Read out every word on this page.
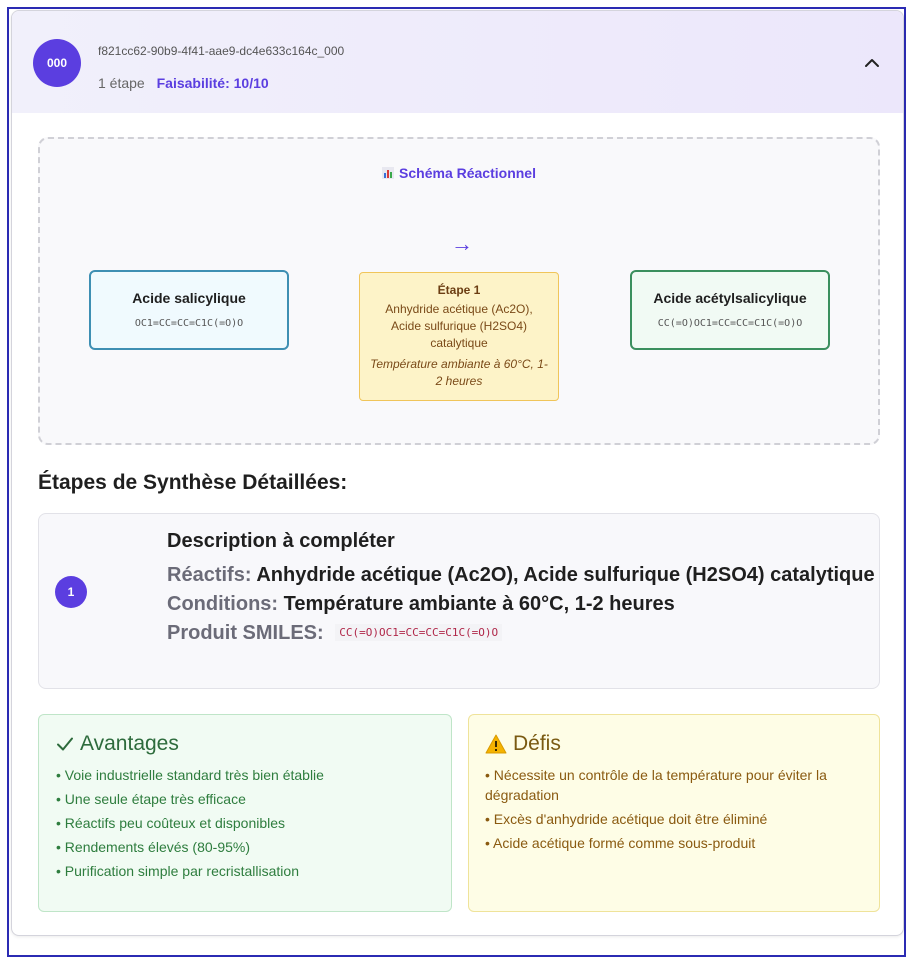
000
f821cc62-90b9-4f41-aae9-dc4e633c164c_000
1 étape Faisabilité: 10/10
Schéma Réactionnel
→
Acide salicylique
OC1=CC=CC=C1C(=O)O
Étape 1
Anhydride acétique (Ac2O), Acide sulfurique (H2SO4) catalytique
Température ambiante à 60°C, 1-2 heures
Acide acétylsalicylique
CC(=O)OC1=CC=CC=C1C(=O)O
Étapes de Synthèse Détaillées:
1
Description à compléter
Réactifs: Anhydride acétique (Ac2O), Acide sulfurique (H2SO4) catalytique
Conditions: Température ambiante à 60°C, 1-2 heures
Produit SMILES: CC(=O)OC1=CC=CC=C1C(=O)O
Avantages
• Voie industrielle standard très bien établie
• Une seule étape très efficace
• Réactifs peu coûteux et disponibles
• Rendements élevés (80-95%)
• Purification simple par recristallisation
Défis
• Nécessite un contrôle de la température pour éviter la dégradation
• Excès d'anhydride acétique doit être éliminé
• Acide acétique formé comme sous-produit
